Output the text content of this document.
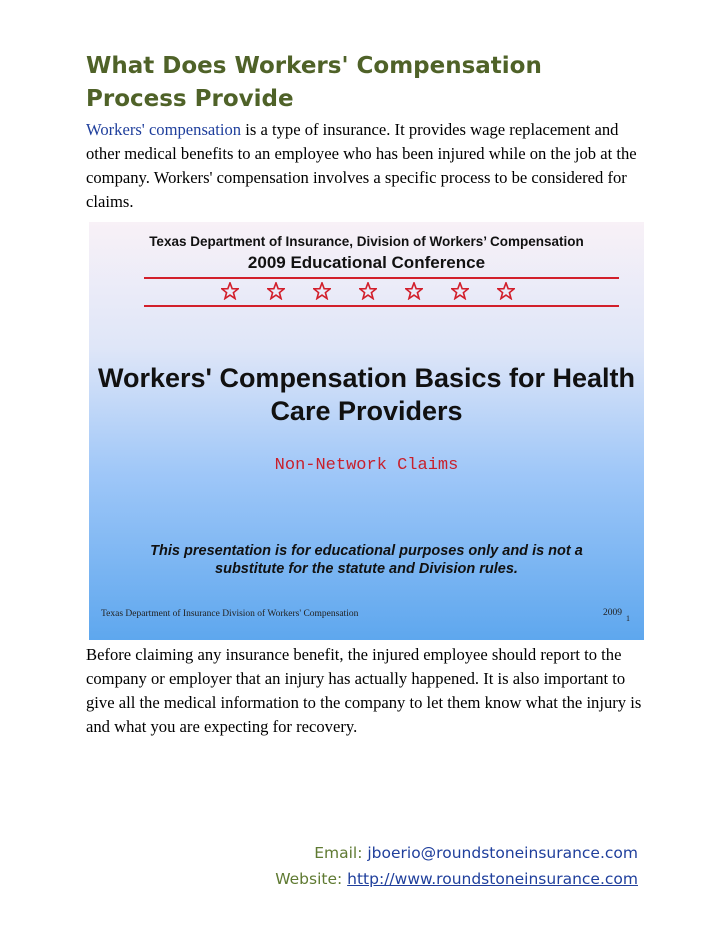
What Does Workers' Compensation Process Provide
Workers' compensation is a type of insurance. It provides wage replacement and other medical benefits to an employee who has been injured while on the job at the company. Workers' compensation involves a specific process to be considered for claims.
Texas Department of Insurance, Division of Workers’ Compensation
2009 Educational Conference
Workers' Compensation Basics for Health Care Providers
Non-Network Claims
This presentation is for educational purposes only and is not a substitute for the statute and Division rules.
Texas Department of Insurance Division of Workers' Compensation	2009
1
Before claiming any insurance benefit, the injured employee should report to the company or employer that an injury has actually happened. It is also important to give all the medical information to the company to let them know what the injury is and what you are expecting for recovery.
Email: jboerio@roundstoneinsurance.com
Website: http://www.roundstoneinsurance.com
